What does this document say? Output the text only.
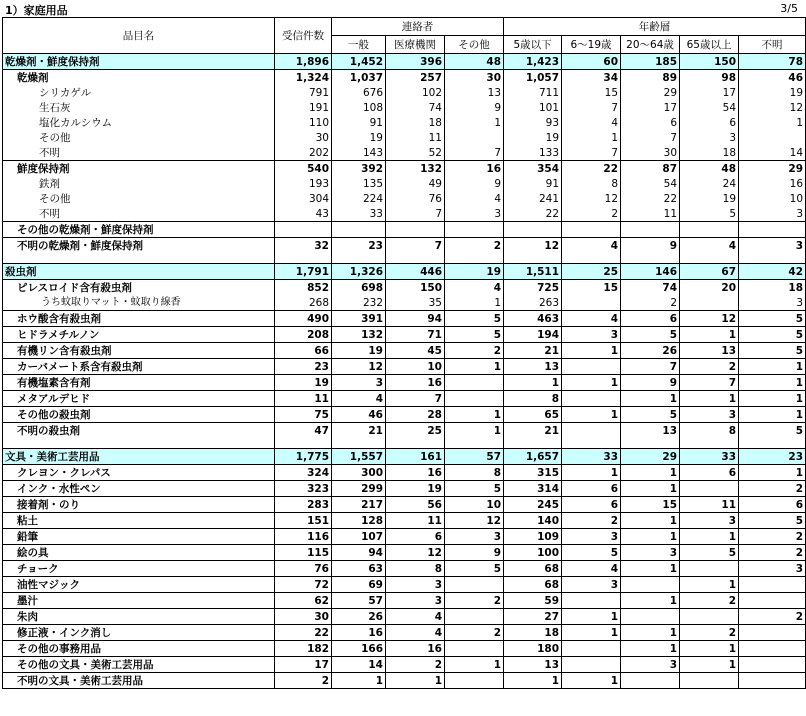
1）家庭用品	3/5
品目名	受信件数	連絡者			年齢層				
		一般	医療機関	その他	5歳以下	6～19歳	20～64歳	65歳以上	不明
乾燥剤・鮮度保持剤	1,896	1,452	396	48	1,423	60	185	150	78
乾燥剤	1,324	1,037	257	30	1,057	34	89	98	46
シリカゲル	791	676	102	13	711	15	29	17	19
生石灰	191	108	74	9	101	7	17	54	12
塩化カルシウム	110	91	18	1	93	4	6	6	1
その他	30	19	11		19	1	7	3	
不明	202	143	52	7	133	7	30	18	14
鮮度保持剤	540	392	132	16	354	22	87	48	29
鉄剤	193	135	49	9	91	8	54	24	16
その他	304	224	76	4	241	12	22	19	10
不明	43	33	7	3	22	2	11	5	3
その他の乾燥剤・鮮度保持剤									
不明の乾燥剤・鮮度保持剤	32	23	7	2	12	4	9	4	3

殺虫剤	1,791	1,326	446	19	1,511	25	146	67	42
ピレスロイド含有殺虫剤	852	698	150	4	725	15	74	20	18
うち蚊取りマット・蚊取り線香	268	232	35	1	263		2		3
ホウ酸含有殺虫剤	490	391	94	5	463	4	6	12	5
ヒドラメチルノン	208	132	71	5	194	3	5	1	5
有機リン含有殺虫剤	66	19	45	2	21	1	26	13	5
カーバメート系含有殺虫剤	23	12	10	1	13		7	2	1
有機塩素含有剤	19	3	16		1	1	9	7	1
メタアルデヒド	11	4	7		8		1	1	1
その他の殺虫剤	75	46	28	1	65	1	5	3	1
不明の殺虫剤	47	21	25	1	21		13	8	5

文具・美術工芸用品	1,775	1,557	161	57	1,657	33	29	33	23
クレヨン・クレパス	324	300	16	8	315	1	1	6	1
インク・水性ペン	323	299	19	5	314	6	1		2
接着剤・のり	283	217	56	10	245	6	15	11	6
粘土	151	128	11	12	140	2	1	3	5
鉛筆	116	107	6	3	109	3	1	1	2
絵の具	115	94	12	9	100	5	3	5	2
チョーク	76	63	8	5	68	4	1		3
油性マジック	72	69	3		68	3		1	
墨汁	62	57	3	2	59		1	2	
朱肉	30	26	4		27	1			2
修正液・インク消し	22	16	4	2	18	1	1	2	
その他の事務用品	182	166	16		180		1	1	
その他の文具・美術工芸用品	17	14	2	1	13		3	1	
不明の文具・美術工芸用品	2	1	1		1	1			
